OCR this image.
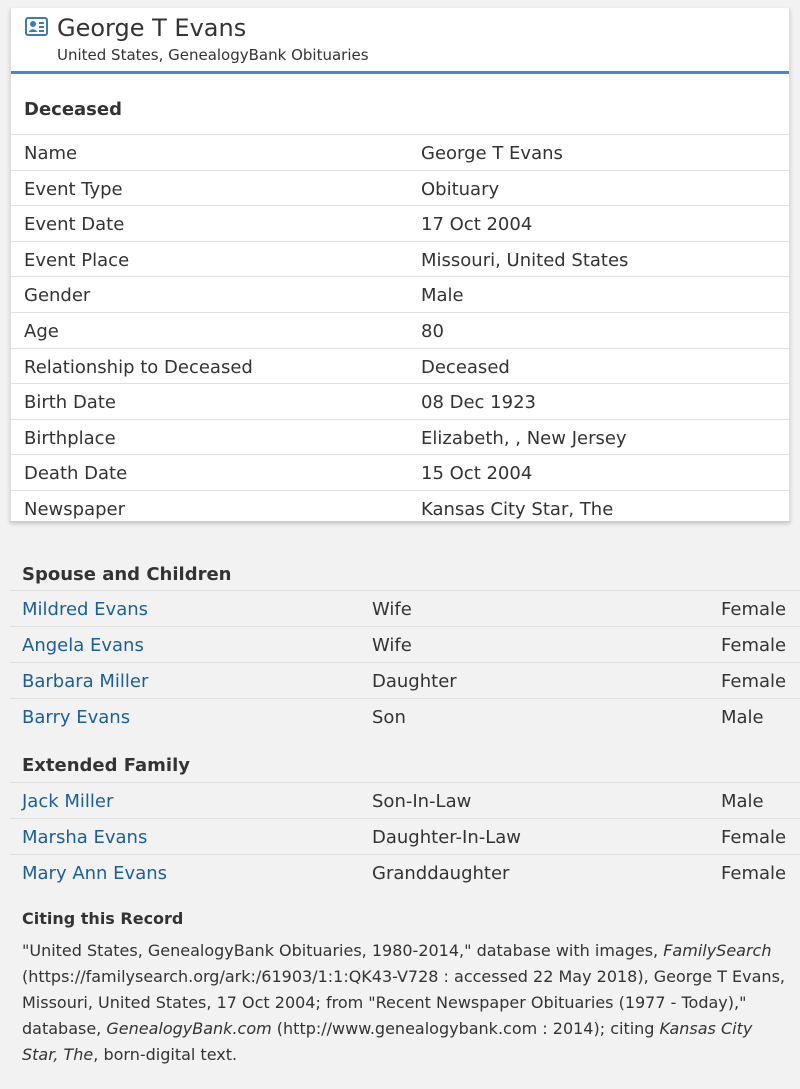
George T Evans
United States, GenealogyBank Obituaries
Deceased
Name	George T Evans
Event Type	Obituary
Event Date	17 Oct 2004
Event Place	Missouri, United States
Gender	Male
Age	80
Relationship to Deceased	Deceased
Birth Date	08 Dec 1923
Birthplace	Elizabeth, , New Jersey
Death Date	15 Oct 2004
Newspaper	Kansas City Star, The
Spouse and Children
Mildred Evans	Wife	Female
Angela Evans	Wife	Female
Barbara Miller	Daughter	Female
Barry Evans	Son	Male
Extended Family
Jack Miller	Son-In-Law	Male
Marsha Evans	Daughter-In-Law	Female
Mary Ann Evans	Granddaughter	Female
Citing this Record
"United States, GenealogyBank Obituaries, 1980-2014," database with images, FamilySearch (https://familysearch.org/ark:/61903/1:1:QK43-V728 : accessed 22 May 2018), George T Evans, Missouri, United States, 17 Oct 2004; from "Recent Newspaper Obituaries (1977 - Today)," database, GenealogyBank.com (http://www.genealogybank.com : 2014); citing Kansas City Star, The, born-digital text.
